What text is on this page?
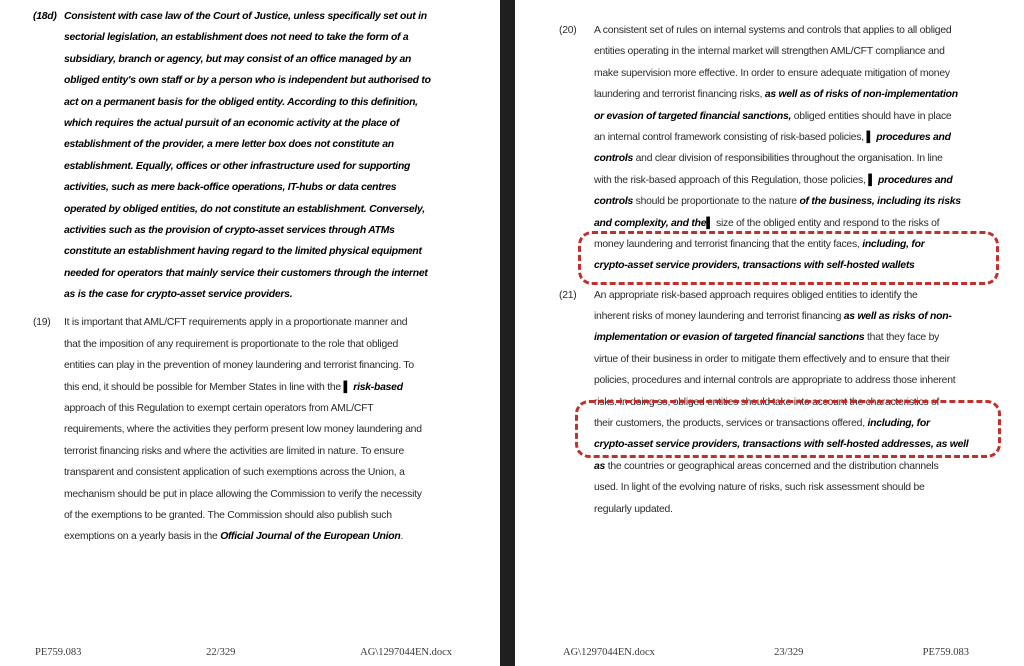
(18d) Consistent with case law of the Court of Justice, unless specifically set out in
sectorial legislation, an establishment does not need to take the form of a
subsidiary, branch or agency, but may consist of an office managed by an
obliged entity's own staff or by a person who is independent but authorised to
act on a permanent basis for the obliged entity. According to this definition,
which requires the actual pursuit of an economic activity at the place of
establishment of the provider, a mere letter box does not constitute an
establishment. Equally, offices or other infrastructure used for supporting
activities, such as mere back-office operations, IT-hubs or data centres
operated by obliged entities, do not constitute an establishment. Conversely,
activities such as the provision of crypto-asset services through ATMs
constitute an establishment having regard to the limited physical equipment
needed for operators that mainly service their customers through the internet
as is the case for crypto-asset service providers.
(19)	It is important that AML/CFT requirements apply in a proportionate manner and
that the imposition of any requirement is proportionate to the role that obliged
entities can play in the prevention of money laundering and terrorist financing. To
this end, it should be possible for Member States in line with the ▌ risk-based
approach of this Regulation to exempt certain operators from AML/CFT
requirements, where the activities they perform present low money laundering and
terrorist financing risks and where the activities are limited in nature. To ensure
transparent and consistent application of such exemptions across the Union, a
mechanism should be put in place allowing the Commission to verify the necessity
of the exemptions to be granted. The Commission should also publish such
exemptions on a yearly basis in the Official Journal of the European Union.
PE759.083	22/329	AG\1297044EN.docx
(20)	A consistent set of rules on internal systems and controls that applies to all obliged
entities operating in the internal market will strengthen AML/CFT compliance and
make supervision more effective. In order to ensure adequate mitigation of money
laundering and terrorist financing risks, as well as of risks of non-implementation
or evasion of targeted financial sanctions, obliged entities should have in place
an internal control framework consisting of risk-based policies, ▌ procedures and
controls and clear division of responsibilities throughout the organisation. In line
with the risk-based approach of this Regulation, those policies, ▌ procedures and
controls should be proportionate to the nature of the business, including its risks
and complexity, and the▌ size of the obliged entity and respond to the risks of
money laundering and terrorist financing that the entity faces, including, for
crypto-asset service providers, transactions with self-hosted wallets
(21)	An appropriate risk-based approach requires obliged entities to identify the
inherent risks of money laundering and terrorist financing as well as risks of non-
implementation or evasion of targeted financial sanctions that they face by
virtue of their business in order to mitigate them effectively and to ensure that their
policies, procedures and internal controls are appropriate to address those inherent
risks. In doing so, obliged entities should take into account the characteristics of
their customers, the products, services or transactions offered, including, for
crypto-asset service providers, transactions with self-hosted addresses, as well
as the countries or geographical areas concerned and the distribution channels
used. In light of the evolving nature of risks, such risk assessment should be
regularly updated.
AG\1297044EN.docx	23/329	PE759.083
